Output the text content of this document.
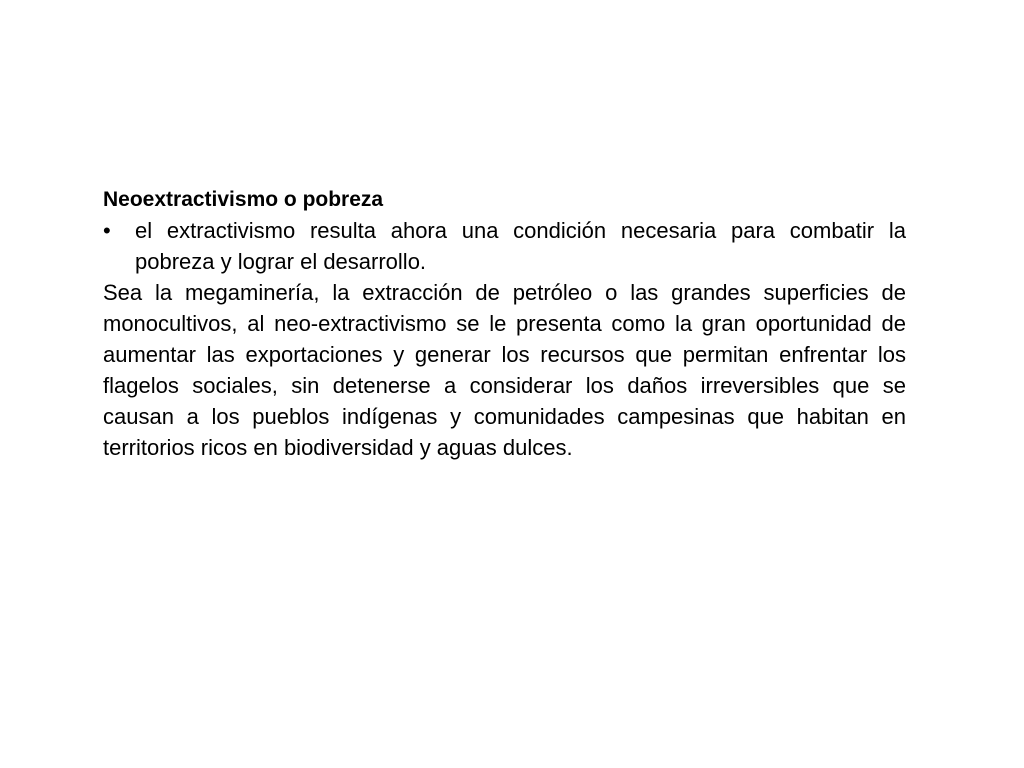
Neoextractivismo o pobreza

•	el extractivismo resulta ahora una condición necesaria para combatir la pobreza y lograr el desarrollo.

Sea la megaminería, la extracción de petróleo o las grandes superficies de monocultivos, al neo-extractivismo se le presenta como la gran oportunidad de aumentar las exportaciones y generar los recursos que permitan enfrentar los flagelos sociales, sin detenerse a considerar los daños irreversibles que se causan a los pueblos indígenas y comunidades campesinas que habitan en territorios ricos en biodiversidad y aguas dulces.
